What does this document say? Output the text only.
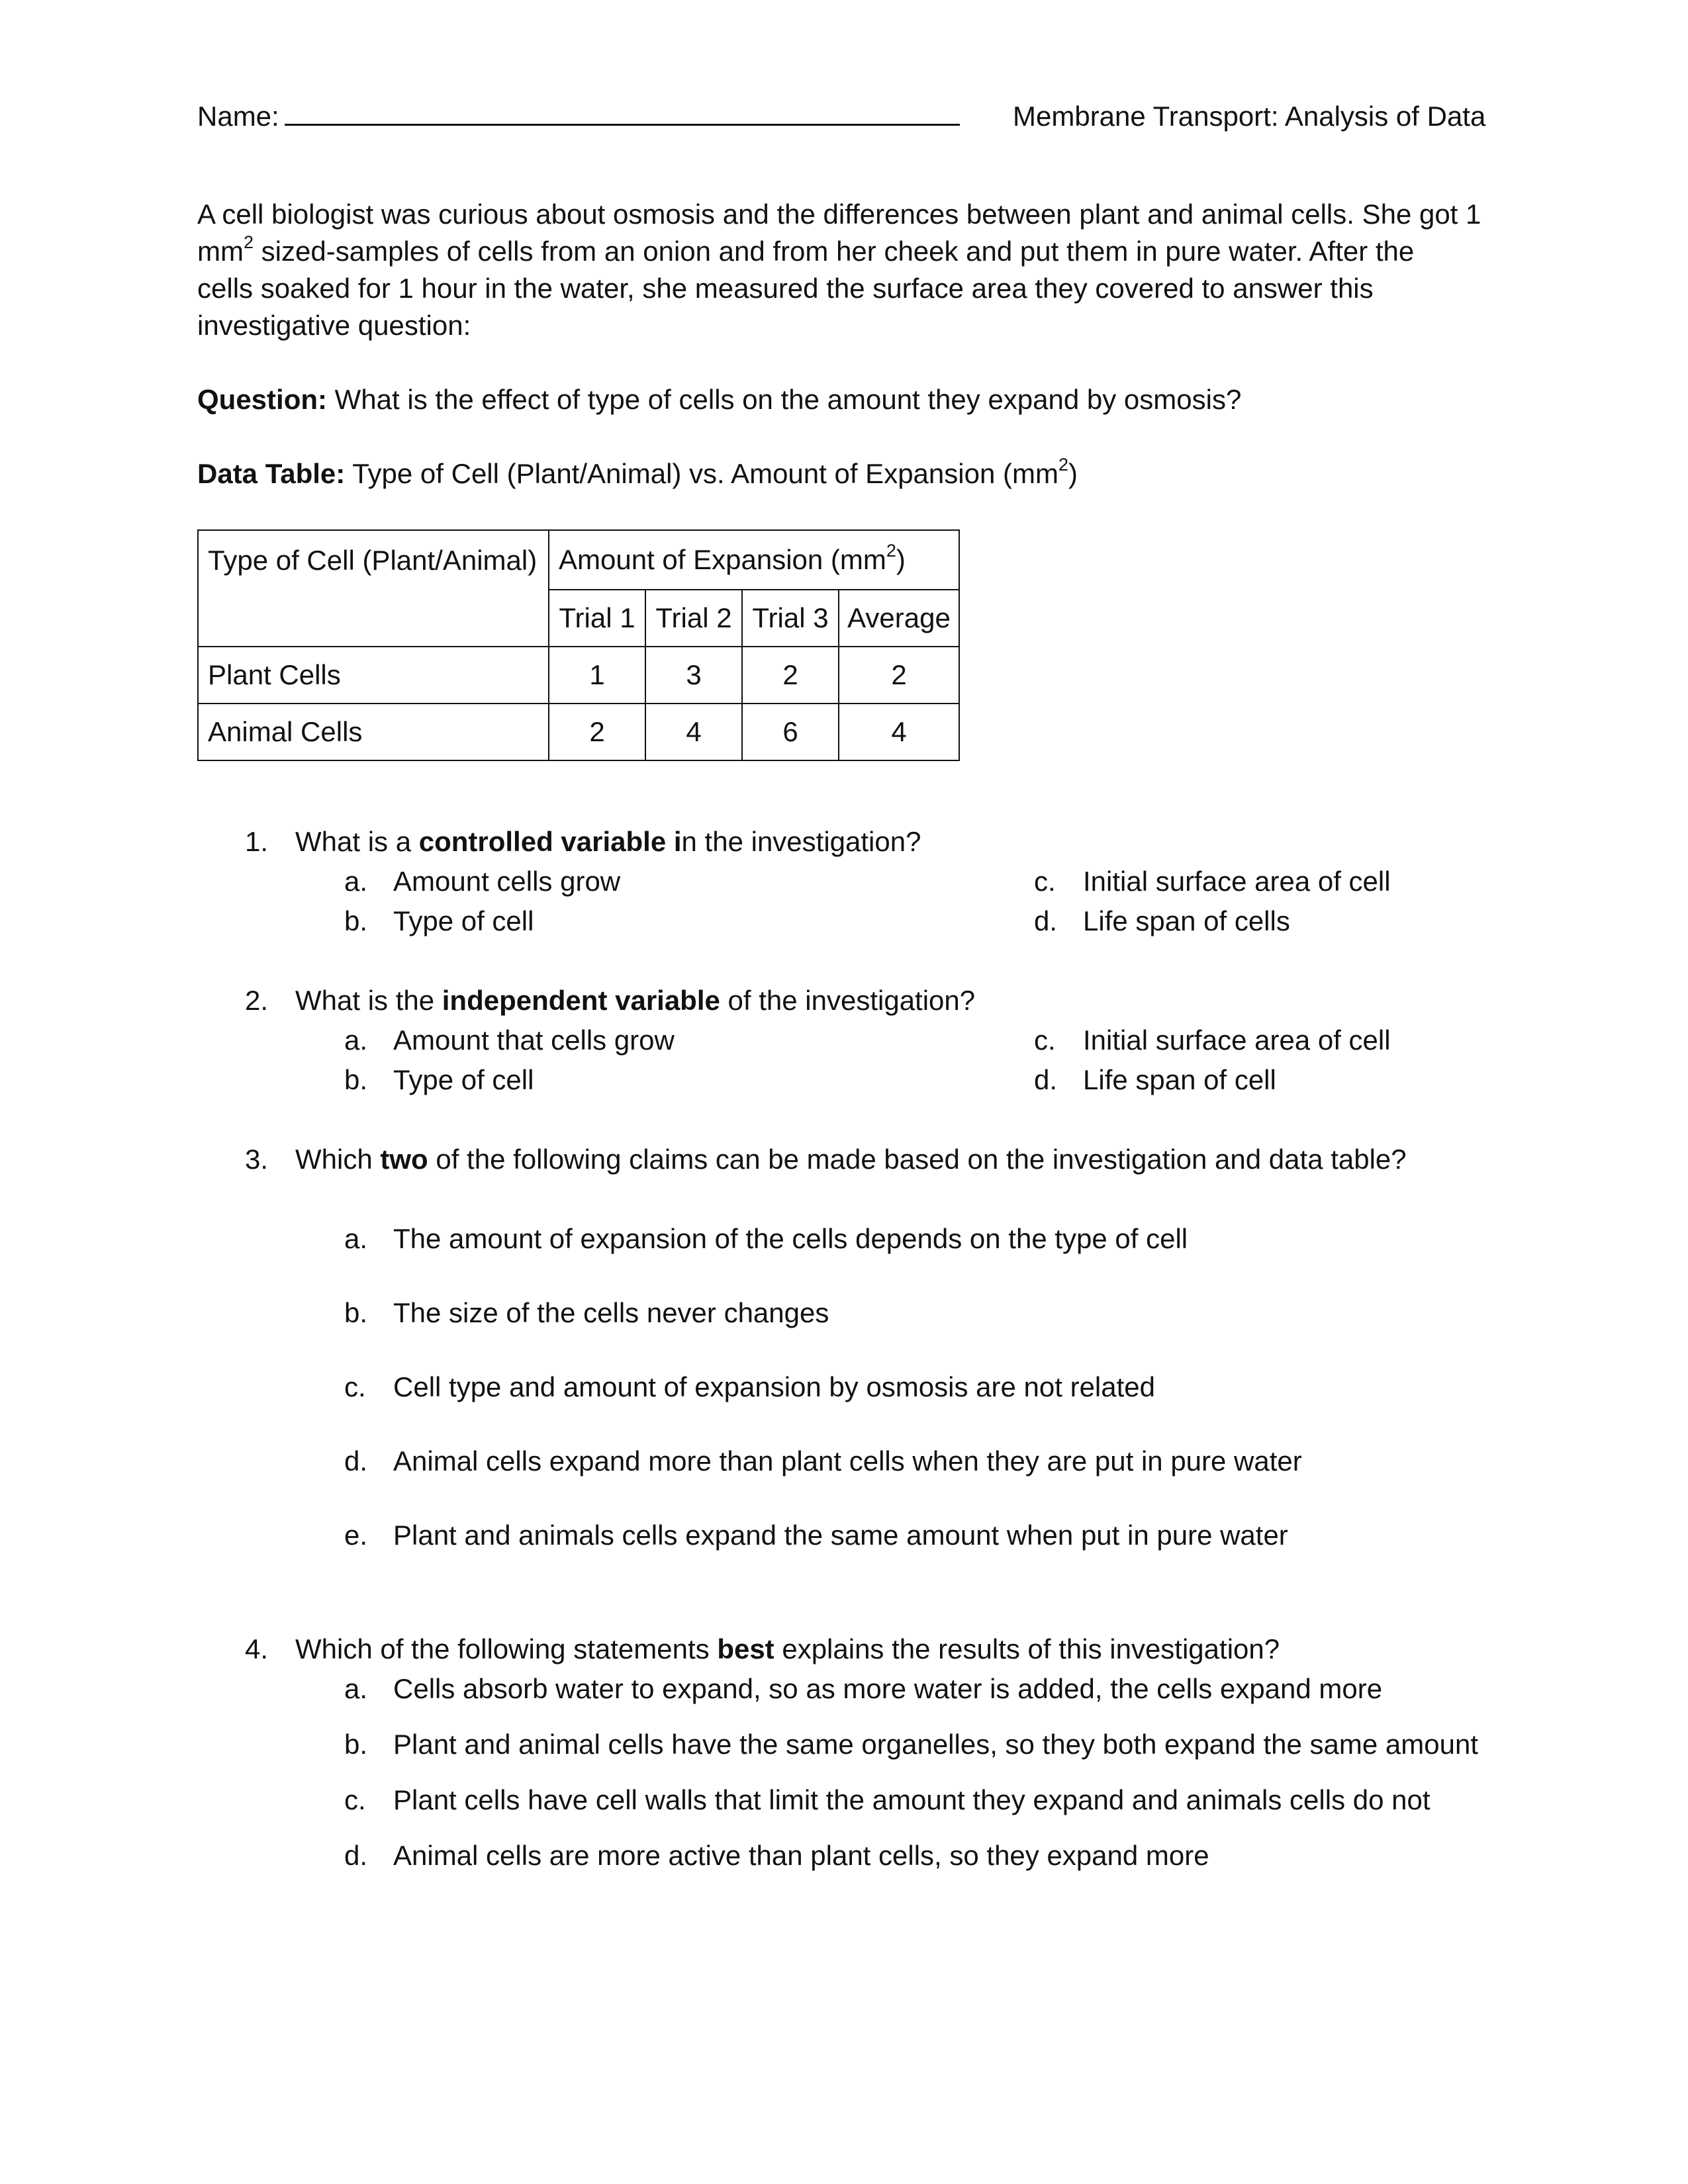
Name:	Membrane Transport: Analysis of Data
A cell biologist was curious about osmosis and the differences between plant and animal cells. She got 1
$mm^2$ sized-samples of cells from an onion and from her cheek and put them in pure water. After the
cells soaked for 1 hour in the water, she measured the surface area they covered to answer this
investigative question:
Question: What is the effect of type of cells on the amount they expand by osmosis?
Data Table: Type of Cell (Plant/Animal) vs. Amount of Expansion $(mm^2)$
Type of Cell (Plant/Animal)	Amount of Expansion $(mm^2)$			
	Trial 1	Trial 2	Trial 3	Average
Plant Cells	1	3	2	2
Animal Cells	2	4	6	4
1. What is a controlled variable in the investigation?
a. Amount cells grow
b. Type of cell
c. Initial surface area of cell
d. Life span of cells
2. What is the independent variable of the investigation?
a. Amount that cells grow
b. Type of cell
c. Initial surface area of cell
d. Life span of cell
3. Which two of the following claims can be made based on the investigation and data table?
a. The amount of expansion of the cells depends on the type of cell
b. The size of the cells never changes
c. Cell type and amount of expansion by osmosis are not related
d. Animal cells expand more than plant cells when they are put in pure water
e. Plant and animals cells expand the same amount when put in pure water
4. Which of the following statements best explains the results of this investigation?
a. Cells absorb water to expand, so as more water is added, the cells expand more
b. Plant and animal cells have the same organelles, so they both expand the same amount
c. Plant cells have cell walls that limit the amount they expand and animals cells do not
d. Animal cells are more active than plant cells, so they expand more
